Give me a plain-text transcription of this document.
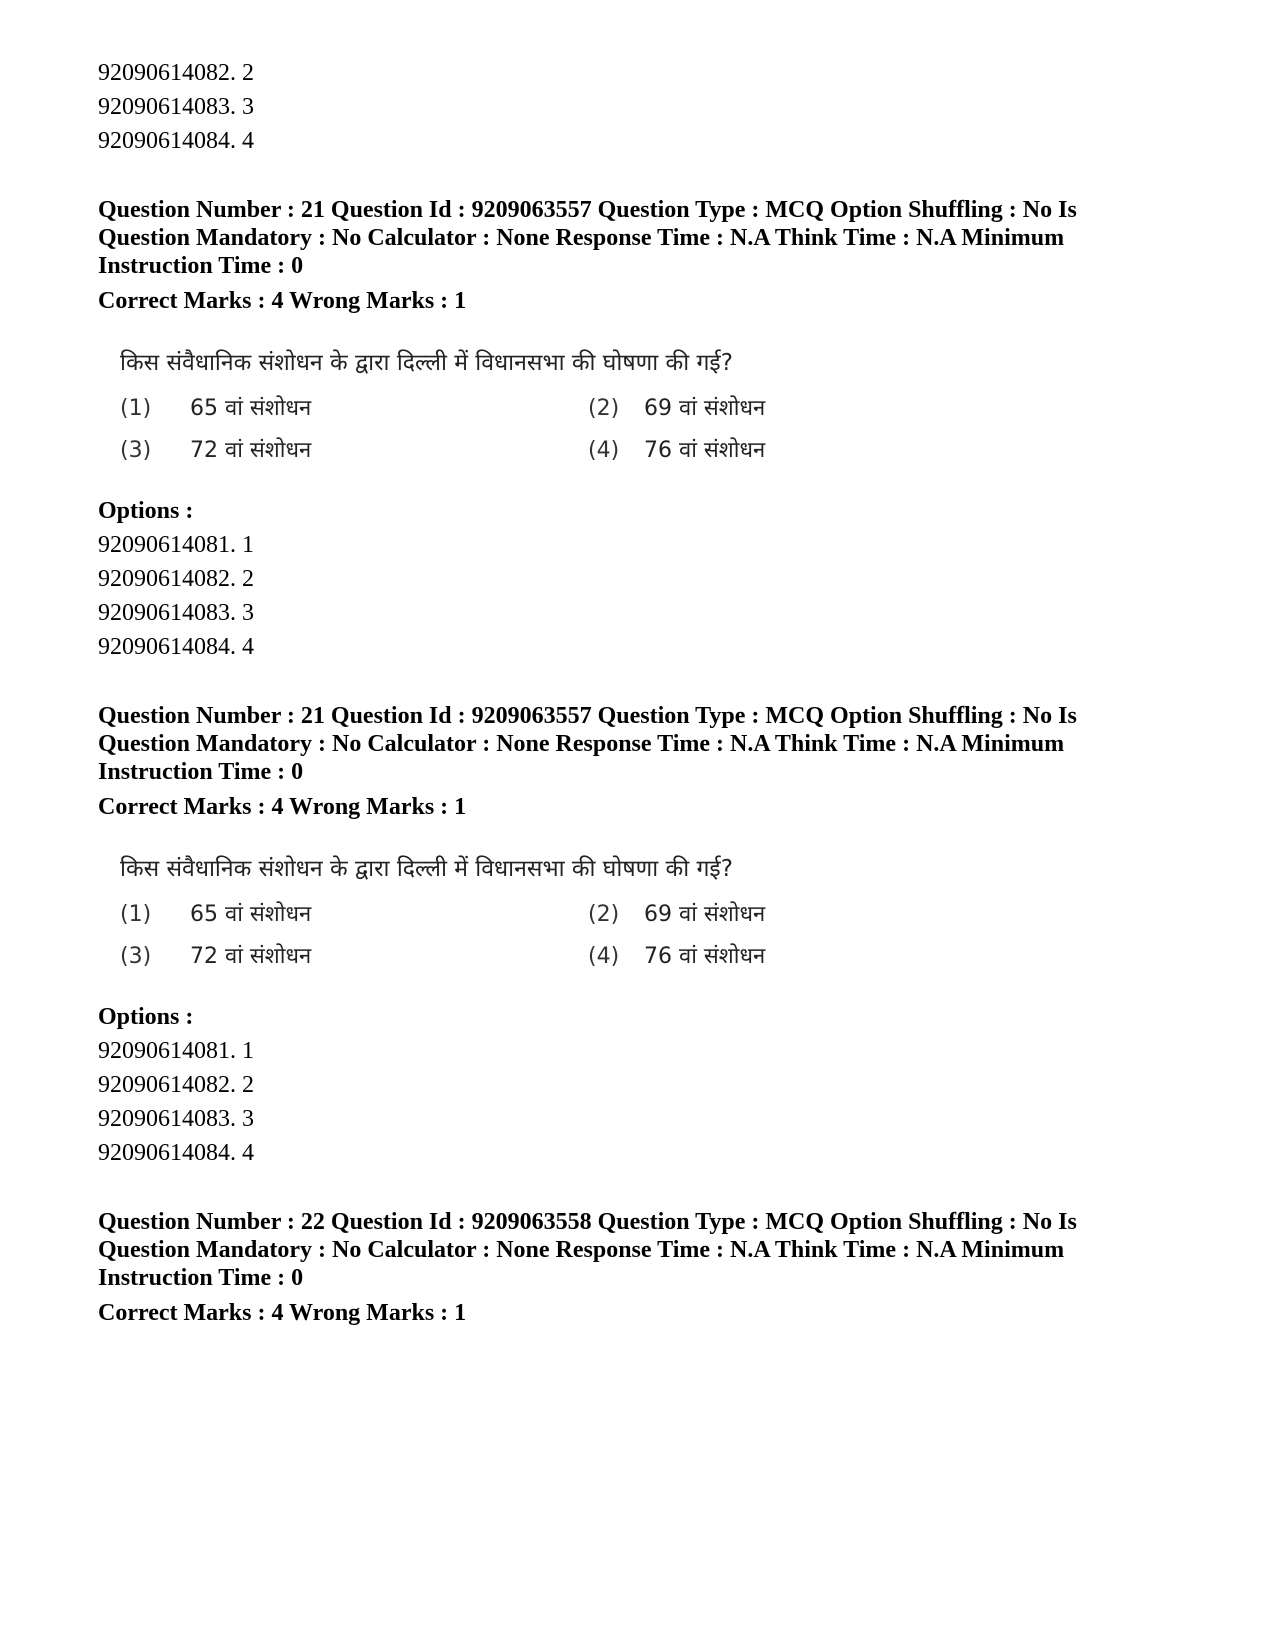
92090614082. 2
92090614083. 3
92090614084. 4
Question Number : 21 Question Id : 9209063557 Question Type : MCQ Option Shuffling : No Is
Question Mandatory : No Calculator : None Response Time : N.A Think Time : N.A Minimum
Instruction Time : 0
Correct Marks : 4 Wrong Marks : 1
किस संवैधानिक संशोधन के द्वारा दिल्ली में विधानसभा की घोषणा की गई?
(1)	65 वां संशोधन	(2)	69 वां संशोधन
(3)	72 वां संशोधन	(4)	76 वां संशोधन
Options :
92090614081. 1
92090614082. 2
92090614083. 3
92090614084. 4
Question Number : 21 Question Id : 9209063557 Question Type : MCQ Option Shuffling : No Is
Question Mandatory : No Calculator : None Response Time : N.A Think Time : N.A Minimum
Instruction Time : 0
Correct Marks : 4 Wrong Marks : 1
किस संवैधानिक संशोधन के द्वारा दिल्ली में विधानसभा की घोषणा की गई?
(1)	65 वां संशोधन	(2)	69 वां संशोधन
(3)	72 वां संशोधन	(4)	76 वां संशोधन
Options :
92090614081. 1
92090614082. 2
92090614083. 3
92090614084. 4
Question Number : 22 Question Id : 9209063558 Question Type : MCQ Option Shuffling : No Is
Question Mandatory : No Calculator : None Response Time : N.A Think Time : N.A Minimum
Instruction Time : 0
Correct Marks : 4 Wrong Marks : 1
